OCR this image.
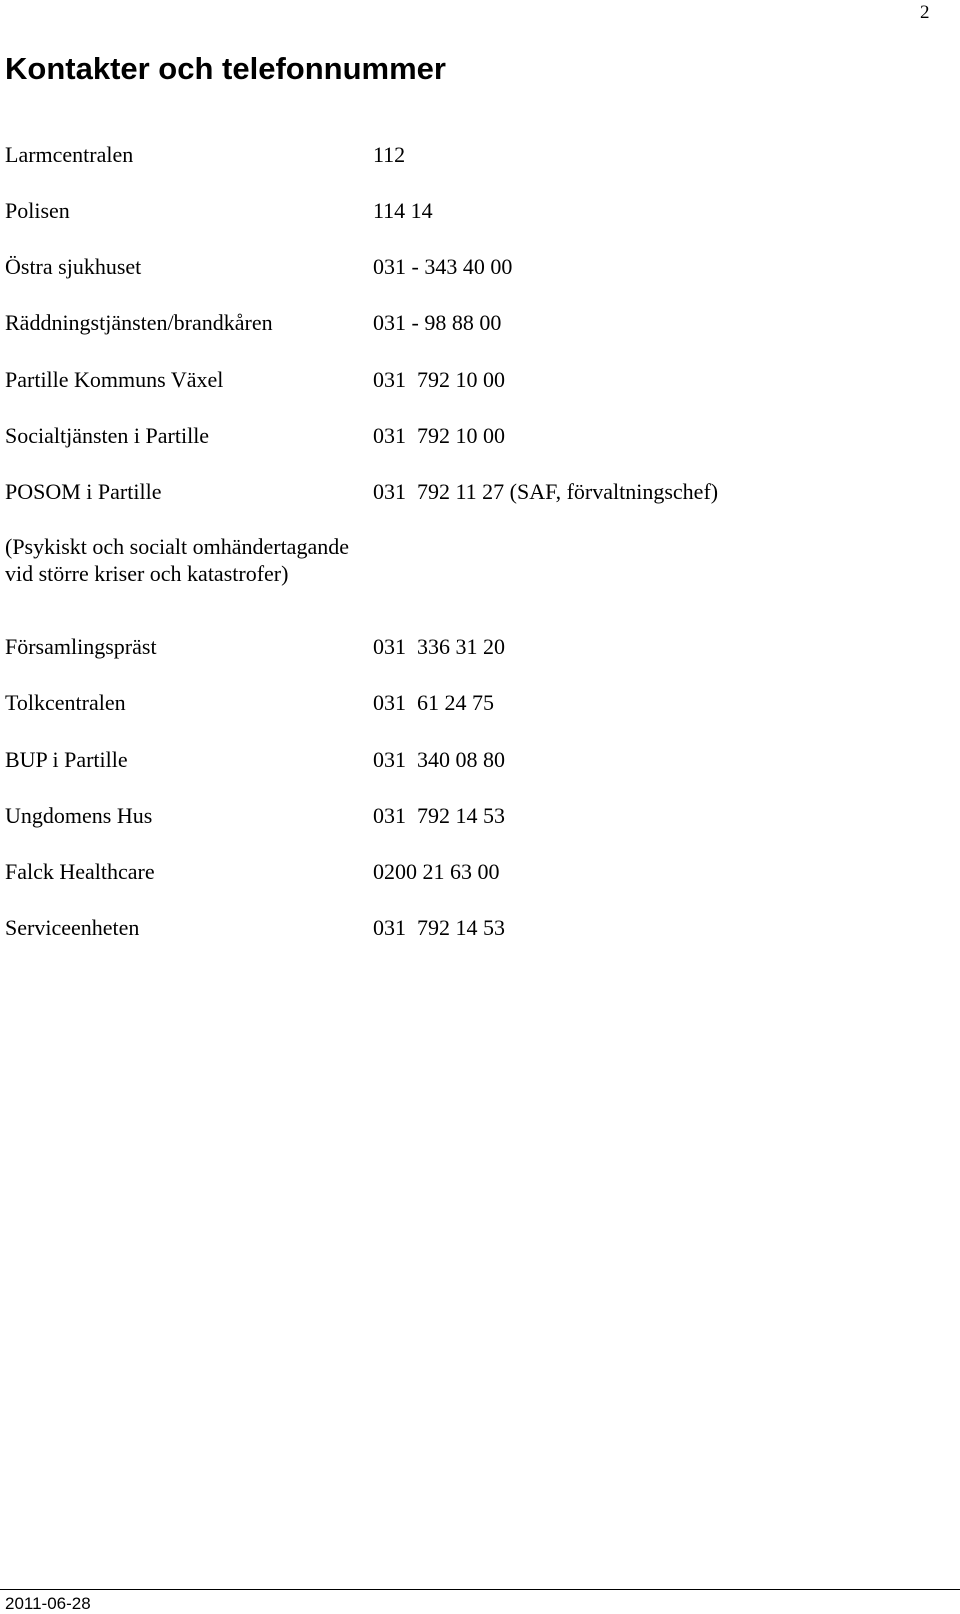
2
Kontakter och telefonnummer
Larmcentralen	112
Polisen	114 14
Östra sjukhuset	031 - 343 40 00
Räddningstjänsten/brandkåren	031 - 98 88 00
Partille Kommuns Växel	031  792 10 00
Socialtjänsten i Partille	031  792 10 00
POSOM i Partille	031  792 11 27 (SAF, förvaltningschef)
(Psykiskt och socialt omhändertagande vid större kriser och katastrofer)
Församlingspräst	031  336 31 20
Tolkcentralen	031  61 24 75
BUP i Partille	031  340 08 80
Ungdomens Hus	031  792 14 53
Falck Healthcare	0200 21 63 00
Serviceenheten	031  792 14 53
2011-06-28
